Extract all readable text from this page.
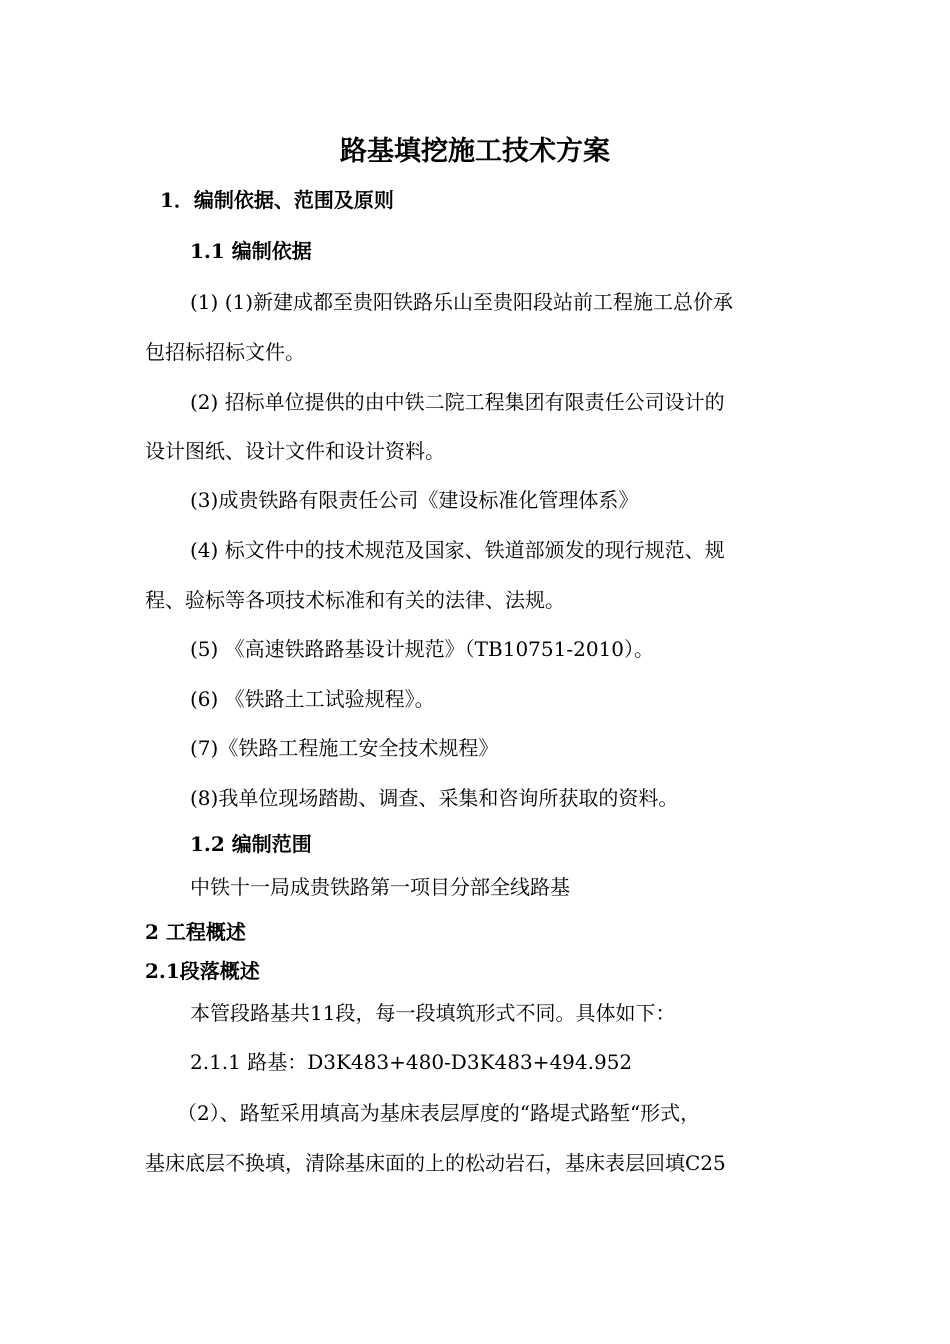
路基填挖施工技术方案
1．编制依据、范围及原则
1.1 编制依据
(1) (1)新建成都至贵阳铁路乐山至贵阳段站前工程施工总价承
包招标招标文件。
(2) 招标单位提供的由中铁二院工程集团有限责任公司设计的
设计图纸、设计文件和设计资料。
(3)成贵铁路有限责任公司《建设标准化管理体系》
(4) 标文件中的技术规范及国家、铁道部颁发的现行规范、规
程、验标等各项技术标准和有关的法律、法规。
(5) 《高速铁路路基设计规范》（TB10751-2010）。
(6) 《铁路土工试验规程》。
(7)《铁路工程施工安全技术规程》
(8)我单位现场踏勘、调查、采集和咨询所获取的资料。
1.2 编制范围
中铁十一局成贵铁路第一项目分部全线路基
2 工程概述
2.1段落概述
本管段路基共11段，每一段填筑形式不同。具体如下：
2.1.1 路基：D3K483+480-D3K483+494.952
（2）、路堑采用填高为基床表层厚度的“路堤式路堑“形式，
基床底层不换填，清除基床面的上的松动岩石，基床表层回填C25
